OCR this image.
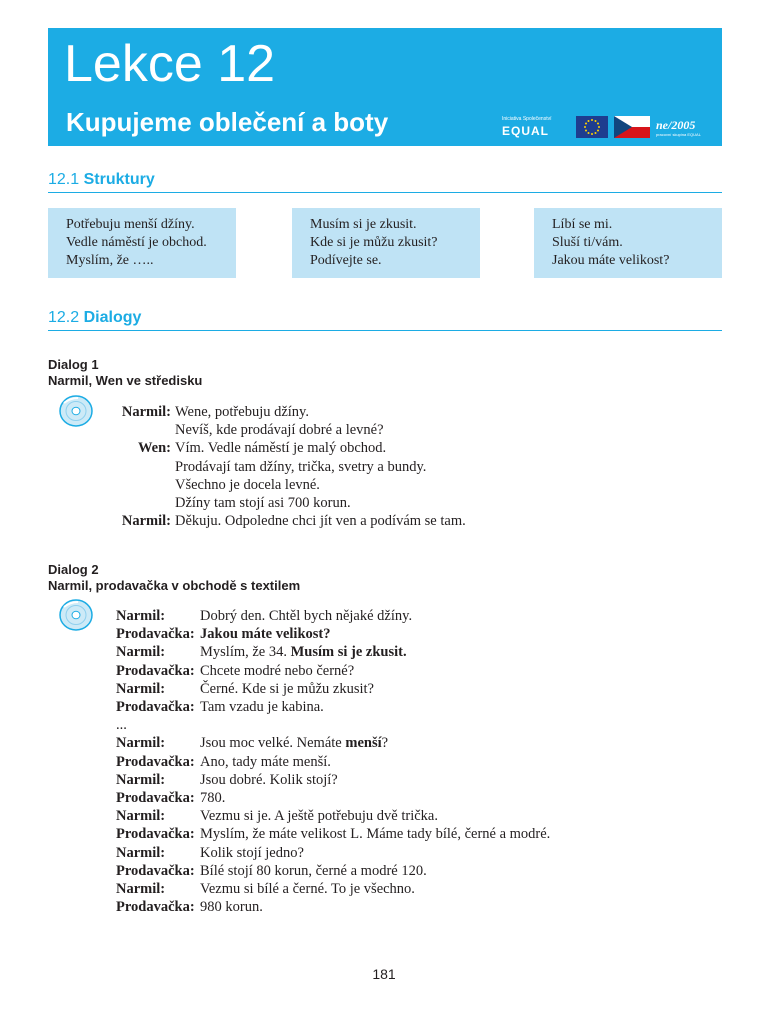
Lekce 12
Kupujeme oblečení a boty	Iniciativa Společenství
EQUAL	ne/2005
pracovní skupina EQUAL
12.1 Struktury
Potřebuju menší džíny.
Vedle náměstí je obchod.
Myslím, že …..
Musím si je zkusit.
Kde si je můžu zkusit?
Podívejte se.
Líbí se mi.
Sluší ti/vám.
Jakou máte velikost?
12.2 Dialogy
Dialog 1
Narmil, Wen ve středisku
Narmil: Wene, potřebuju džíny.
Nevíš, kde prodávají dobré a levné?
Wen: Vím. Vedle náměstí je malý obchod.
Prodávají tam džíny, trička, svetry a bundy.
Všechno je docela levné.
Džíny tam stojí asi 700 korun.
Narmil: Děkuju. Odpoledne chci jít ven a podívám se tam.
Dialog 2
Narmil, prodavačka v obchodě s textilem
Narmil:	Dobrý den. Chtěl bych nějaké džíny.
Prodavačka: Jakou máte velikost?
Narmil:	Myslím, že 34. Musím si je zkusit.
Prodavačka: Chcete modré nebo černé?
Narmil:	Černé. Kde si je můžu zkusit?
Prodavačka: Tam vzadu je kabina.
...
Narmil:	Jsou moc velké. Nemáte menší?
Prodavačka: Ano, tady máte menší.
Narmil:	Jsou dobré. Kolik stojí?
Prodavačka: 780.
Narmil:	Vezmu si je. A ještě potřebuju dvě trička.
Prodavačka: Myslím, že máte velikost L. Máme tady bílé, černé a modré.
Narmil:	Kolik stojí jedno?
Prodavačka: Bílé stojí 80 korun, černé a modré 120.
Narmil:	Vezmu si bílé a černé. To je všechno.
Prodavačka: 980 korun.
181
